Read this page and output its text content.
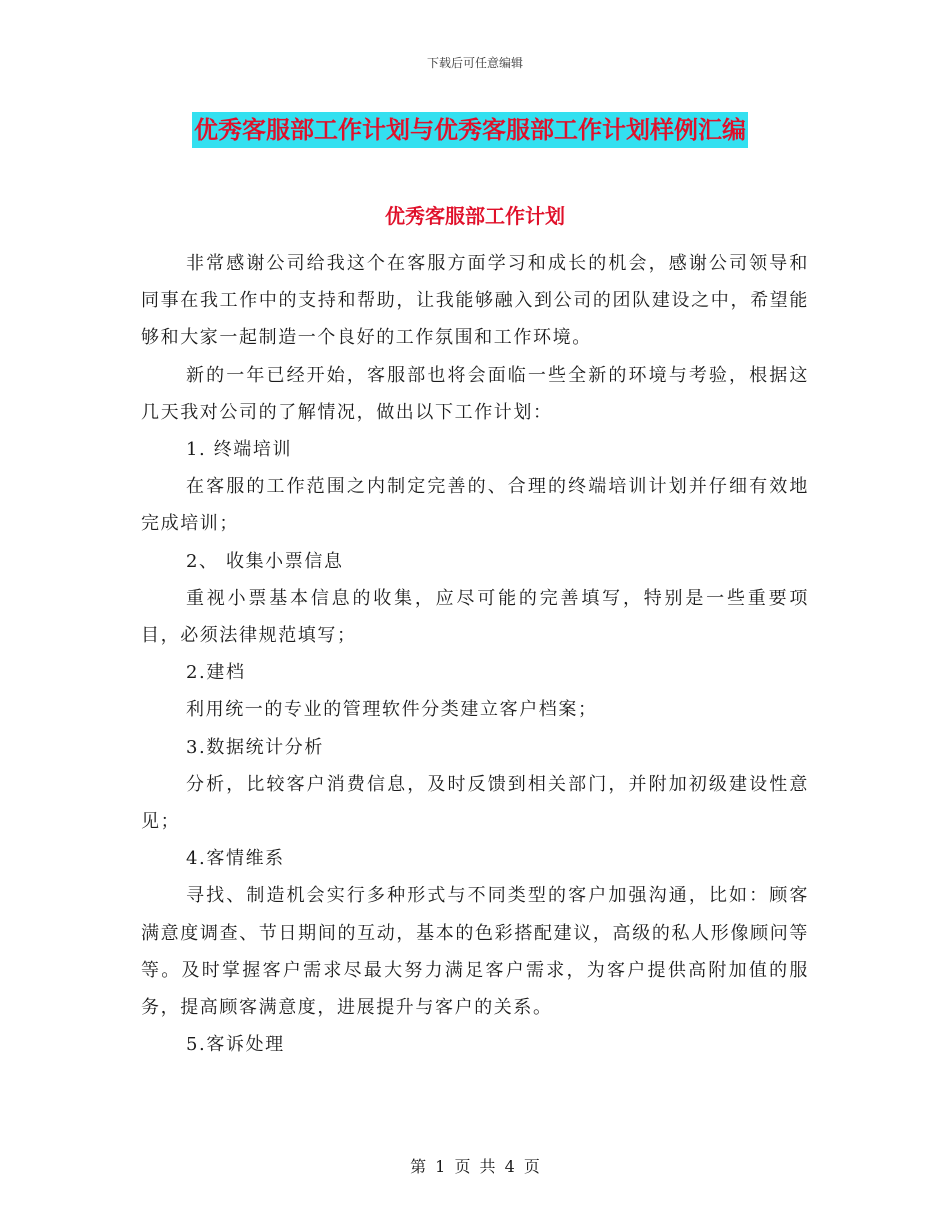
下载后可任意编辑
优秀客服部工作计划与优秀客服部工作计划样例汇编
优秀客服部工作计划

非常感谢公司给我这个在客服方面学习和成长的机会，感谢公司领导和同事在我工作中的支持和帮助，让我能够融入到公司的团队建设之中，希望能够和大家一起制造一个良好的工作氛围和工作环境。

新的一年已经开始，客服部也将会面临一些全新的环境与考验，根据这几天我对公司的了解情况，做出以下工作计划：

1. 终端培训

在客服的工作范围之内制定完善的、合理的终端培训计划并仔细有效地完成培训；

2、 收集小票信息

重视小票基本信息的收集，应尽可能的完善填写，特别是一些重要项目，必须法律规范填写；

2.建档

利用统一的专业的管理软件分类建立客户档案；

3.数据统计分析

分析，比较客户消费信息，及时反馈到相关部门，并附加初级建设性意见；

4.客情维系

寻找、制造机会实行多种形式与不同类型的客户加强沟通，比如：顾客满意度调查、节日期间的互动，基本的色彩搭配建议，高级的私人形像顾问等等。及时掌握客户需求尽最大努力满足客户需求，为客户提供高附加值的服务，提高顾客满意度，进展提升与客户的关系。

5.客诉处理

第 1 页 共 4 页
